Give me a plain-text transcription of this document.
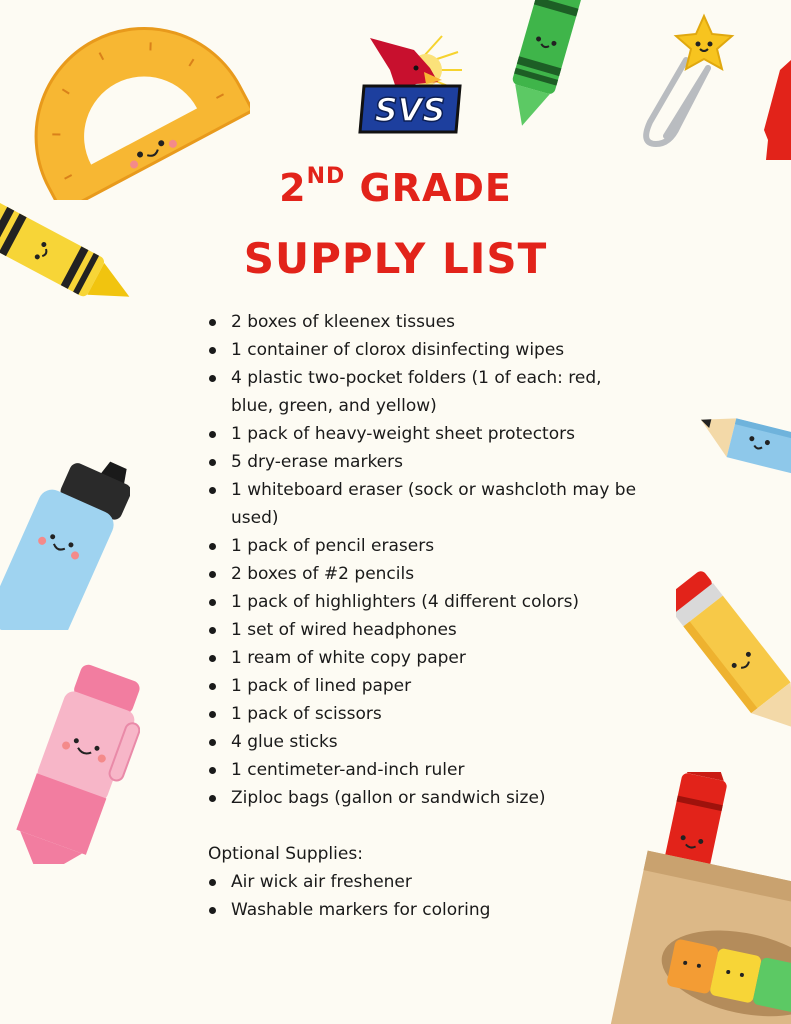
SVS
2ND GRADE
SUPPLY LIST
2 boxes of kleenex tissues
1 container of clorox disinfecting wipes
4 plastic two-pocket folders (1 of each: red, blue, green, and yellow)
1 pack of heavy-weight sheet protectors
5 dry-erase markers
1 whiteboard eraser (sock or washcloth may be used)
1 pack of pencil erasers
2 boxes of #2 pencils
1 pack of highlighters (4 different colors)
1 set of wired headphones
1 ream of white copy paper
1 pack of lined paper
1 pack of scissors
4 glue sticks
1 centimeter-and-inch ruler
Ziploc bags (gallon or sandwich size)
Optional Supplies:
Air wick air freshener
Washable markers for coloring
